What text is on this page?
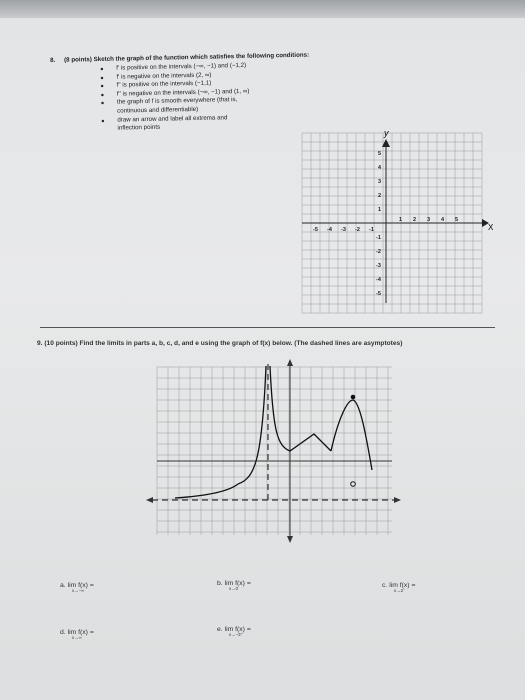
8. (8 points) Sketch the graph of the function which satisfies the following conditions:
• f' is positive on the intervals (−∞, −1) and (−1,2)
• f' is negative on the intervals (2, ∞)
• f'' is positive on the intervals (−1,1)
• f'' is negative on the intervals (−∞, −1) and (1, ∞)
• the graph of f is smooth everywhere (that is,
continuous and differentiable)
• draw an arrow and label all extrema and
inflection points
y
X
-5 -4 -3 -2 -1
1 2 3 4 5
5
4
3
2
1
-1
-2
-3
-4
-5
9. (10 points) Find the limits in parts a, b, c, d, and e using the graph of f(x) below. (The dashed lines are asymptotes)
a. lim f(x) =
x→−∞
b. lim f(x) =
x→0	c. lim f(x) =
x→2⁻
d. lim f(x) =
x→∞
e. lim f(x) =
x→−3⁺
